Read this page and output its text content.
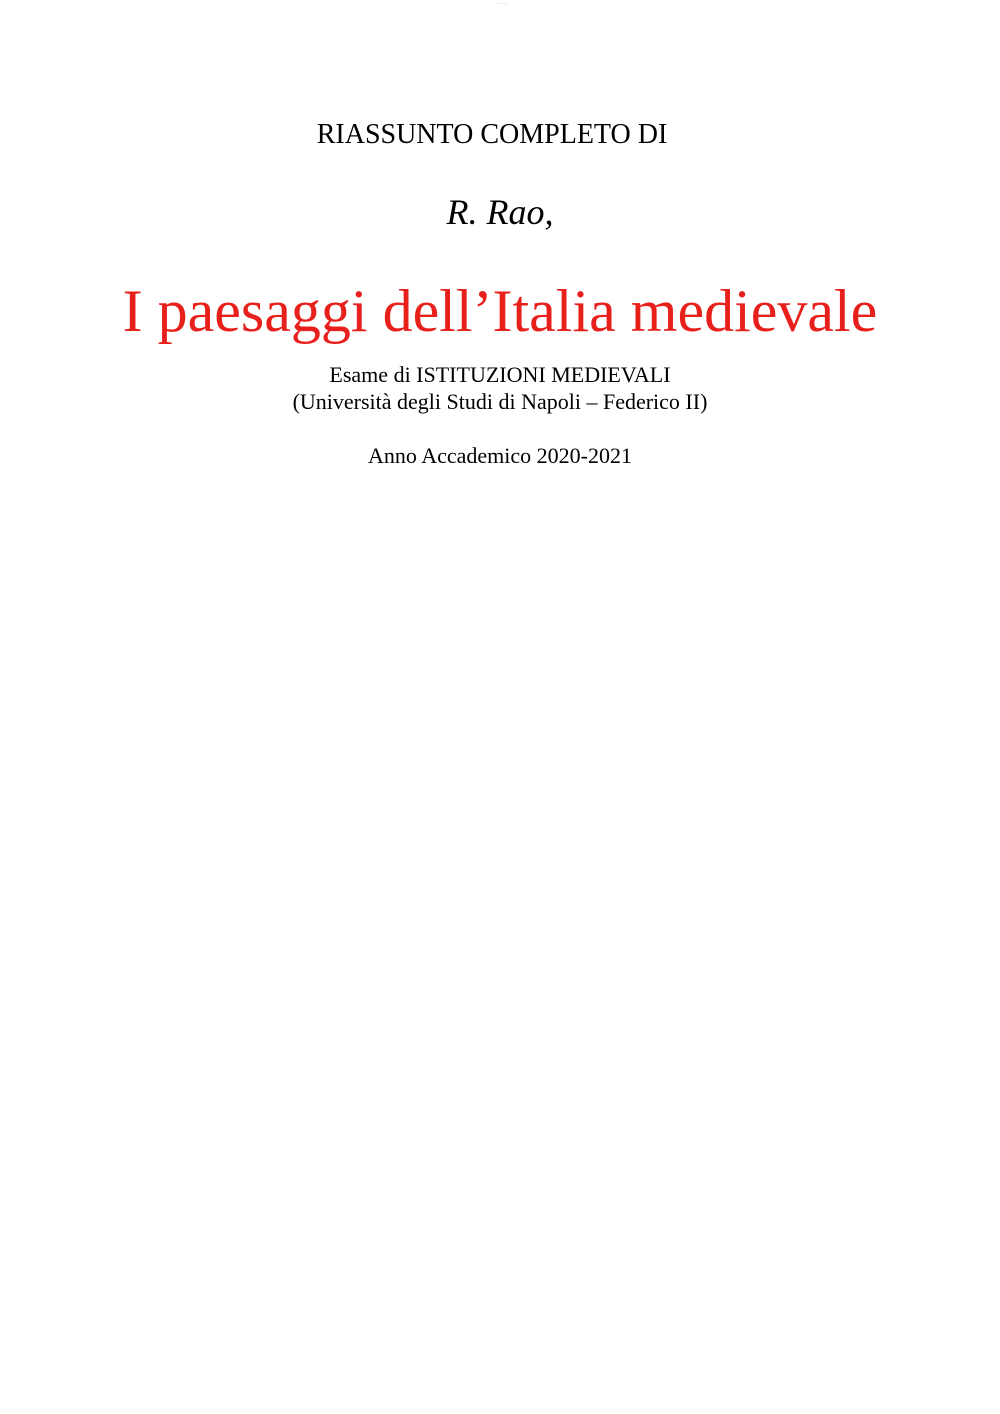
— —
RIASSUNTO COMPLETO DI
R. Rao,
I paesaggi dell’Italia medievale
Esame di ISTITUZIONI MEDIEVALI
(Università degli Studi di Napoli – Federico II)
Anno Accademico 2020-2021
